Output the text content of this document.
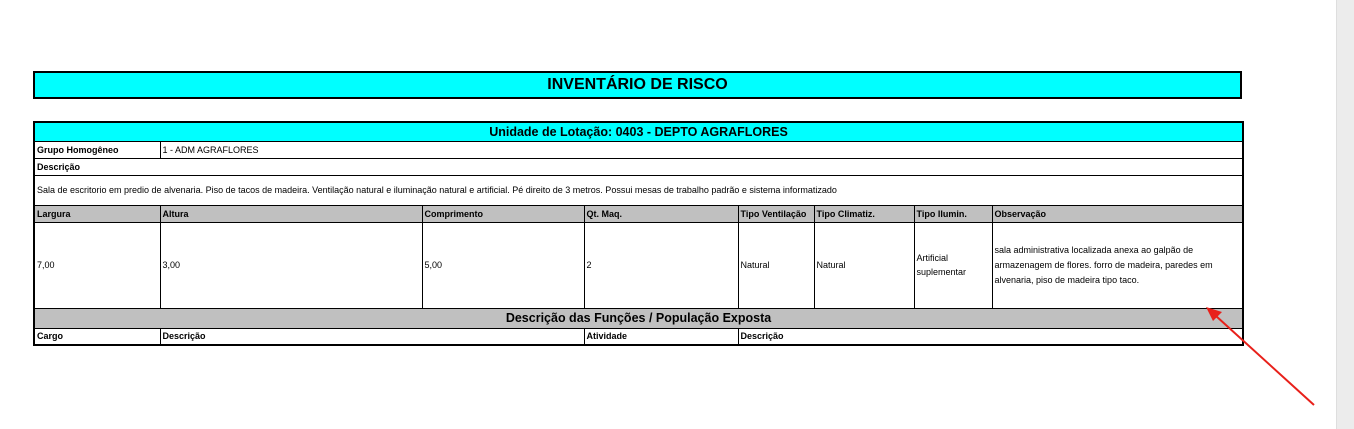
INVENTÁRIO DE RISCO
Unidade de Lotação: 0403 - DEPTO AGRAFLORES							
Grupo Homogêneo	1 - ADM AGRAFLORES						
Descrição							
Sala de escritorio em predio de alvenaria. Piso de tacos de madeira. Ventilação natural e iluminação natural e artificial. Pé direito de 3 metros. Possui mesas de trabalho padrão e sistema informatizado							
Largura	Altura	Comprimento	Qt. Maq.	Tipo Ventilação	Tipo Climatiz.	Tipo Ilumin.	Observação
7,00	3,00	5,00	2	Natural	Natural	Artificial suplementar	sala administrativa localizada anexa ao galpão de armazenagem de flores. forro de madeira, paredes em alvenaria, piso de madeira tipo taco.
Descrição das Funções / População Exposta							
Cargo	Descrição		Atividade	Descrição			
